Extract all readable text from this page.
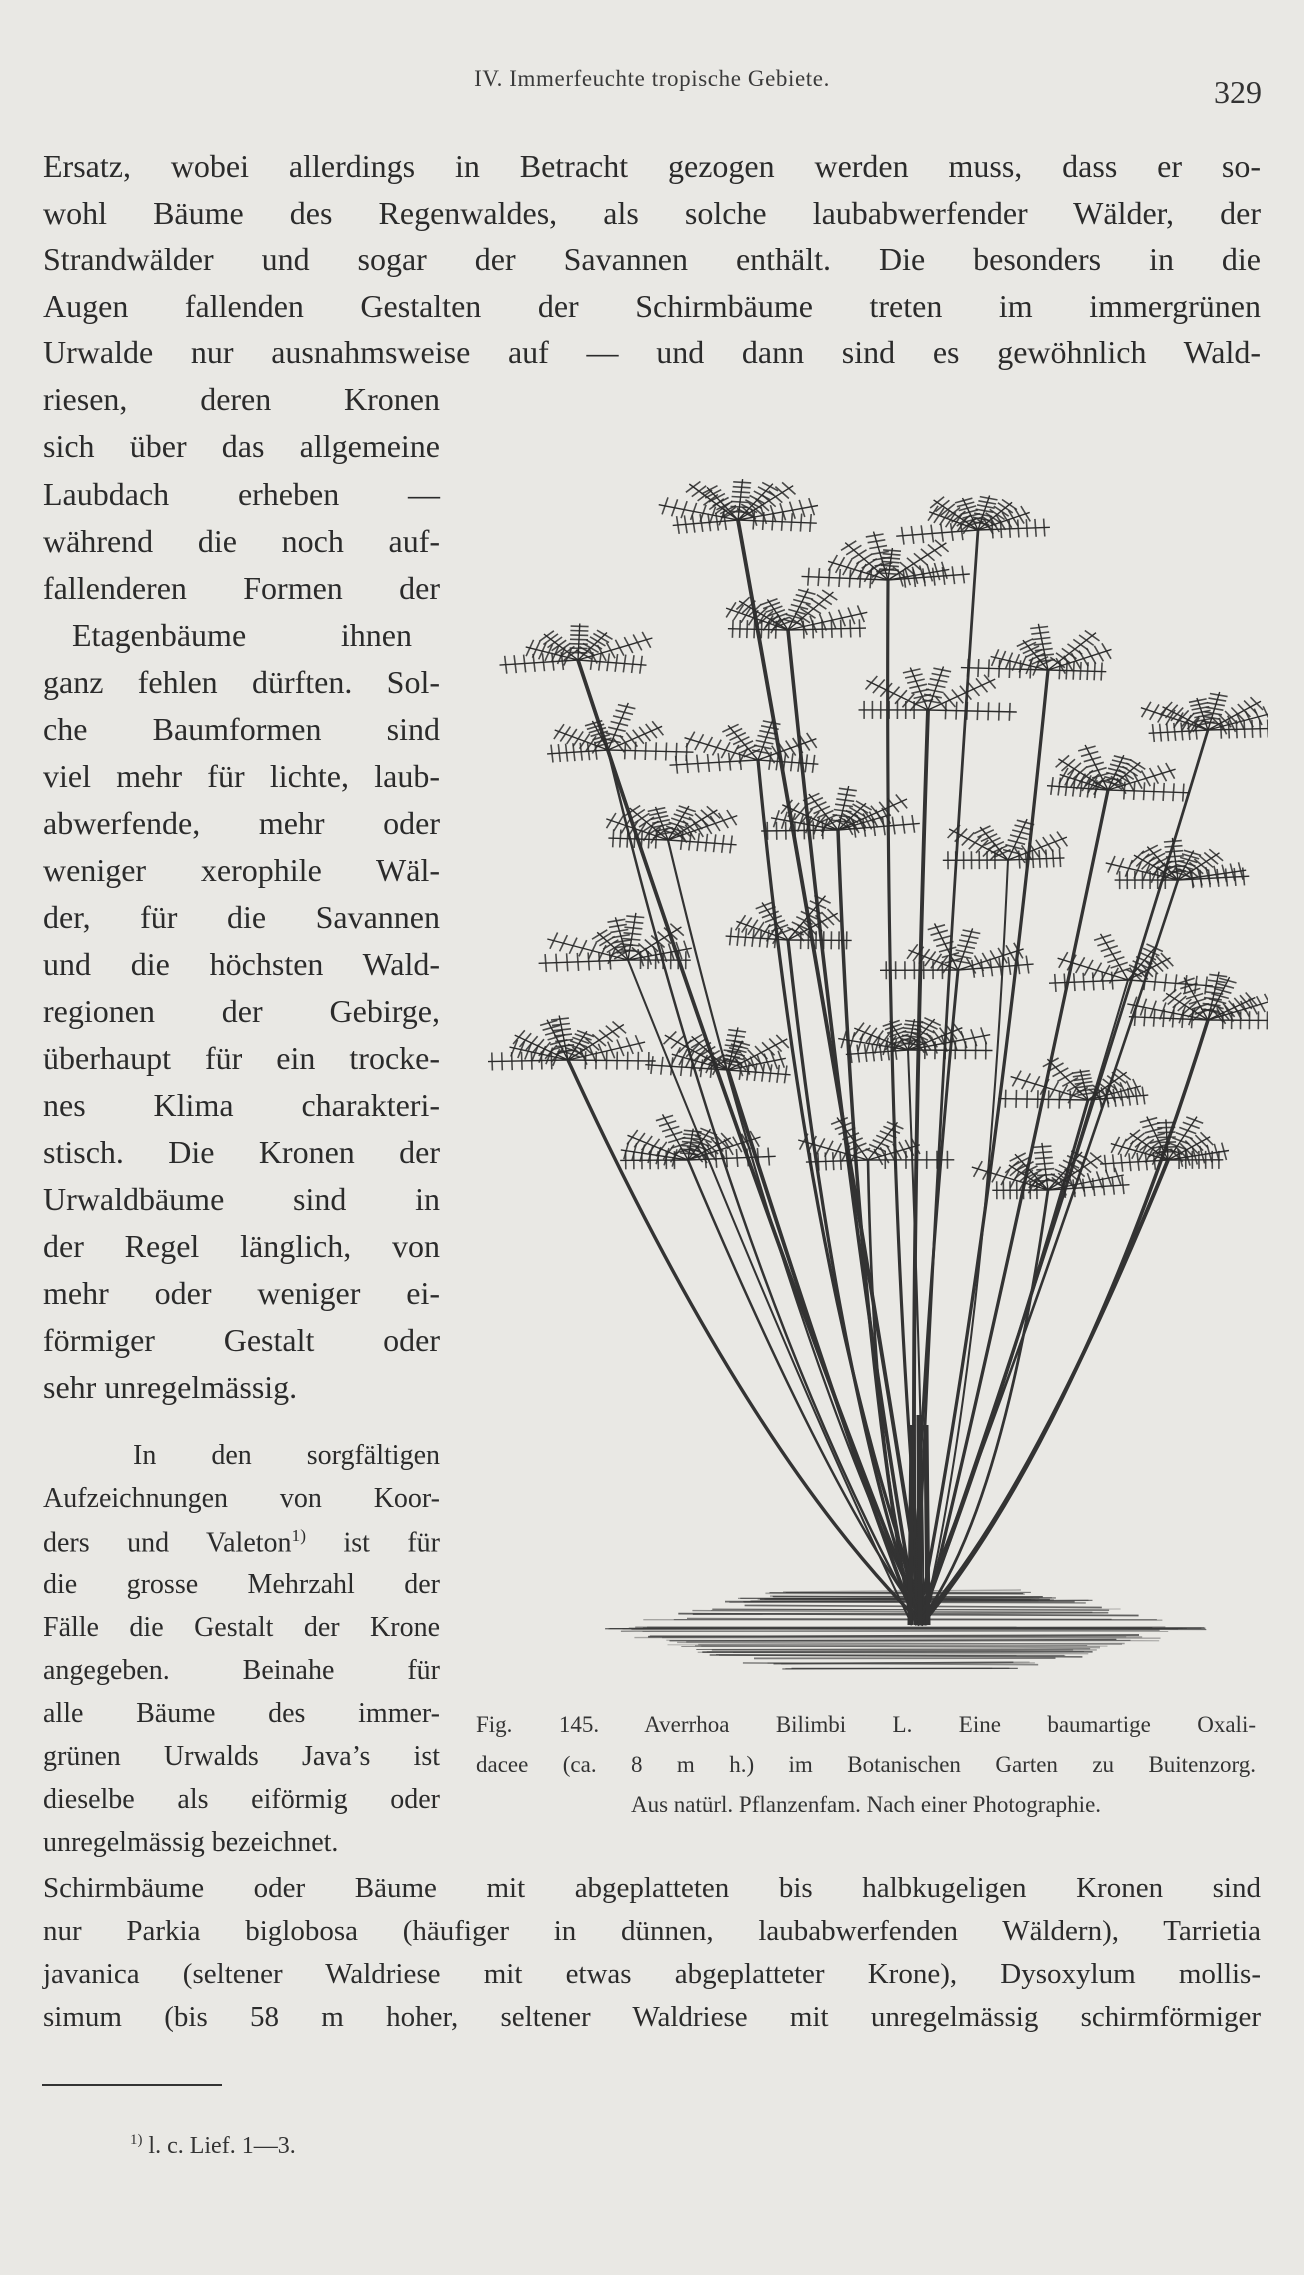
IV. Immerfeuchte tropische Gebiete.	329
Ersatz, wobei allerdings in Betracht gezogen werden muss, dass er so-
wohl Bäume des Regenwaldes, als solche laubabwerfender Wälder, der
Strandwälder und sogar der Savannen enthält. Die besonders in die
Augen fallenden Gestalten der Schirmbäume treten im immergrünen
Urwalde nur ausnahmsweise auf — und dann sind es gewöhnlich Wald-
riesen, deren Kronen
sich über das allgemeine
Laubdach erheben —
während die noch auf-
fallenderen Formen der
Etagenbäume ihnen
ganz fehlen dürften. Sol-
che Baumformen sind
viel mehr für lichte, laub-
abwerfende, mehr oder
weniger xerophile Wäl-
der, für die Savannen
und die höchsten Wald-
regionen der Gebirge,
überhaupt für ein trocke-
nes Klima charakteri-
stisch. Die Kronen der
Urwaldbäume sind in
der Regel länglich, von
mehr oder weniger ei-
förmiger Gestalt oder
sehr unregelmässig.
In den sorgfältigen
Aufzeichnungen von Koor-
ders und Valeton$^{1)}$ ist für
die grosse Mehrzahl der
Fälle die Gestalt der Krone
angegeben. Beinahe für
alle Bäume des immer-
grünen Urwalds Java’s ist
dieselbe als eiförmig oder
unregelmässig bezeichnet.
Fig. 145. Averrhoa Bilimbi L. Eine baumartige Oxali-
dacee (ca. 8 m h.) im Botanischen Garten zu Buitenzorg.
Aus natürl. Pflanzenfam. Nach einer Photographie.
Schirmbäume oder Bäume mit abgeplatteten bis halbkugeligen Kronen sind
nur Parkia biglobosa (häufiger in dünnen, laubabwerfenden Wäldern), Tarrietia
javanica (seltener Waldriese mit etwas abgeplatteter Krone), Dysoxylum mollis-
simum (bis 58 m hoher, seltener Waldriese mit unregelmässig schirmförmiger
$^{1)}$ l. c. Lief. 1—3.
